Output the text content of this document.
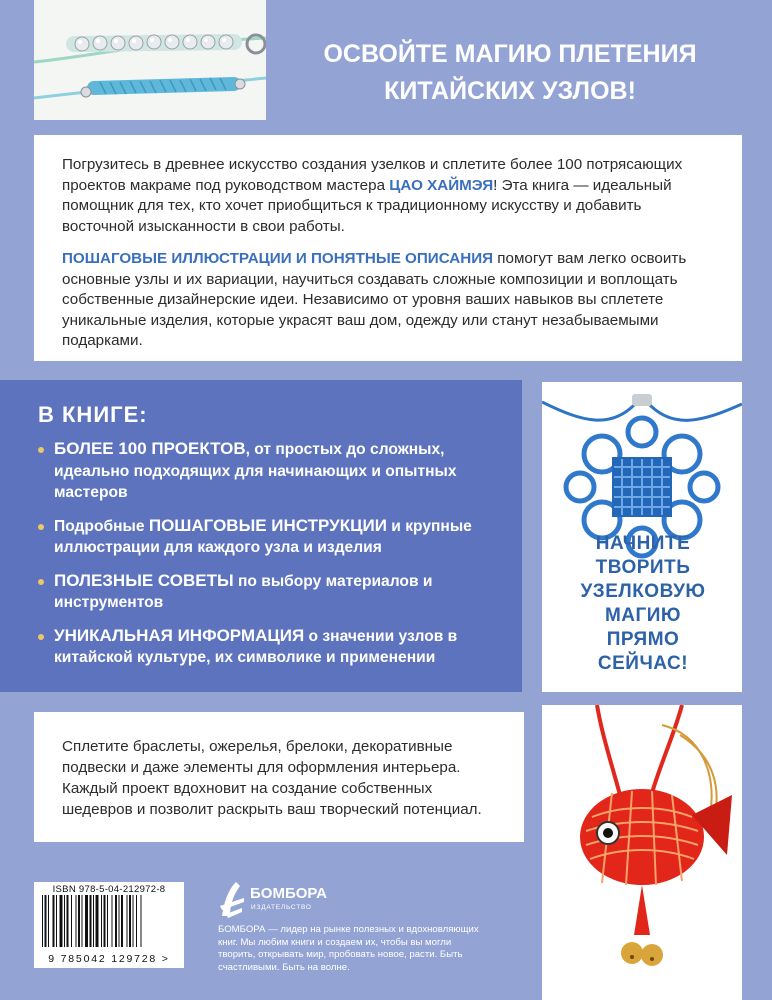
ОСВОЙТЕ МАГИЮ ПЛЕТЕНИЯ
КИТАЙСКИХ УЗЛОВ!

Погрузитесь в древнее искусство создания узелков и сплетите более 100 потрясающих проектов макраме под руководством мастера ЦАО ХАЙМЭЯ! Эта книга — идеальный помощник для тех, кто хочет приобщиться к традиционному искусству и добавить восточной изысканности в свои работы.

ПОШАГОВЫЕ ИЛЛЮСТРАЦИИ И ПОНЯТНЫЕ ОПИСАНИЯ помогут вам легко освоить основные узлы и их вариации, научиться создавать сложные композиции и воплощать собственные дизайнерские идеи. Независимо от уровня ваших навыков вы сплетете уникальные изделия, которые украсят ваш дом, одежду или станут незабываемыми подарками.

В КНИГЕ:
БОЛЕЕ 100 ПРОЕКТОВ, от простых до сложных, идеально подходящих для начинающих и опытных мастеров
Подробные ПОШАГОВЫЕ ИНСТРУКЦИИ и крупные иллюстрации для каждого узла и изделия
ПОЛЕЗНЫЕ СОВЕТЫ по выбору материалов и инструментов
УНИКАЛЬНАЯ ИНФОРМАЦИЯ о значении узлов в китайской культуре, их символике и применении
НАЧНИТЕ
ТВОРИТЬ
УЗЕЛКОВУЮ
МАГИЮ
ПРЯМО
СЕЙЧАС!

Сплетите браслеты, ожерелья, брелоки, декоративные подвески и даже элементы для оформления интерьера. Каждый проект вдохновит на создание собственных шедевров и позволит раскрыть ваш творческий потенциал.

ISBN 978-5-04-212972-8
9 785042 129728 >
БОМБОРА
ИЗДАТЕЛЬСТВО
БОМБОРА — лидер на рынке полезных и вдохновляющих книг. Мы любим книги и создаем их, чтобы вы могли творить, открывать мир, пробовать новое, расти. Быть счастливыми. Быть на волне.
